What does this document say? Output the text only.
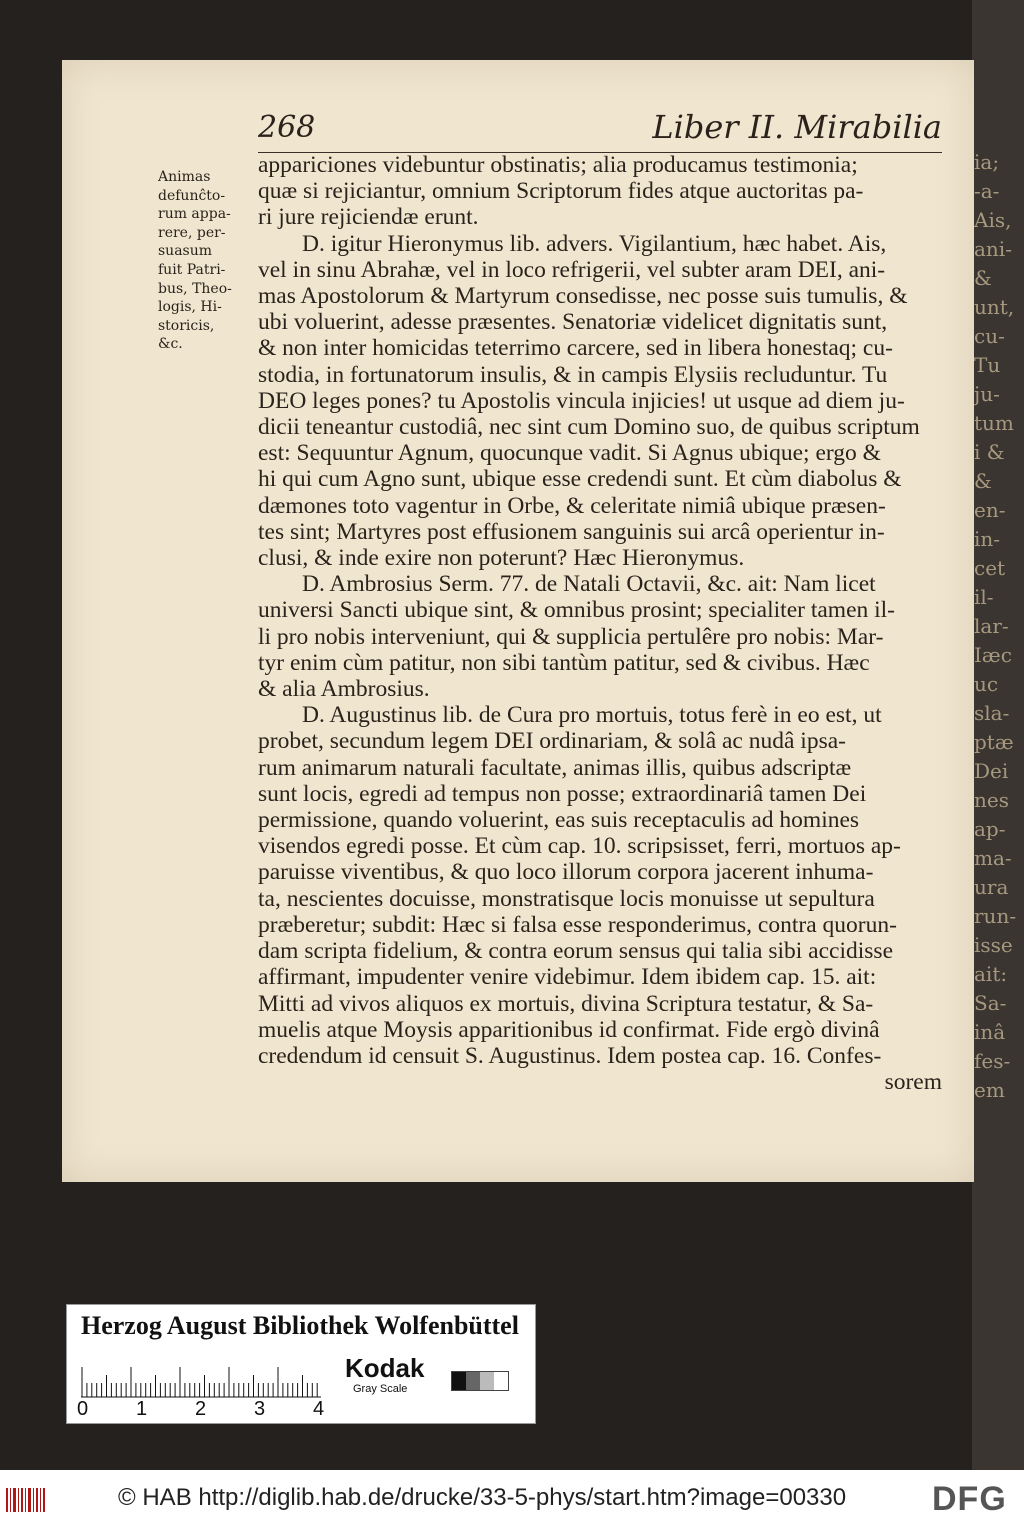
ia;
-a-
Ais,
ani-
&
unt,
cu-
Tu
ju-
tum
i &
&
en-
in-
cet
il-
lar-
Iæc
uc
sla-
ptæ
Dei
nes
ap-
ma-
ura
run-
isse
ait:
Sa-
inâ
fes-
em
268	Liber II. Mirabilia
Animas
defunĉto-
rum appa-
rere, per-
suasum
fuit Patri-
bus, Theo-
logis, Hi-
storicis,
&c.
appariciones videbuntur obstinatis; alia producamus testimonia;
quæ si rejiciantur, omnium Scriptorum fides atque auctoritas pa-
ri jure rejiciendæ erunt.
D. igitur Hieronymus lib. advers. Vigilantium, hæc habet. Ais,
vel in sinu Abrahæ, vel in loco refrigerii, vel subter aram DEI, ani-
mas Apostolorum & Martyrum consedisse, nec posse suis tumulis, &
ubi voluerint, adesse præsentes. Senatoriæ videlicet dignitatis sunt,
& non inter homicidas teterrimo carcere, sed in libera honestaq; cu-
stodia, in fortunatorum insulis, & in campis Elysiis recluduntur. Tu
DEO leges pones? tu Apostolis vincula injicies! ut usque ad diem ju-
dicii teneantur custodiâ, nec sint cum Domino suo, de quibus scriptum
est: Sequuntur Agnum, quocunque vadit. Si Agnus ubique; ergo &
hi qui cum Agno sunt, ubique esse credendi sunt. Et cùm diabolus &
dæmones toto vagentur in Orbe, & celeritate nimiâ ubique præsen-
tes sint; Martyres post effusionem sanguinis sui arcâ operientur in-
clusi, & inde exire non poterunt? Hæc Hieronymus.
D. Ambrosius Serm. 77. de Natali Octavii, &c. ait: Nam licet
universi Sancti ubique sint, & omnibus prosint; specialiter tamen il-
li pro nobis interveniunt, qui & supplicia pertulêre pro nobis: Mar-
tyr enim cùm patitur, non sibi tantùm patitur, sed & civibus. Hæc
& alia Ambrosius.
D. Augustinus lib. de Cura pro mortuis, totus ferè in eo est, ut
probet, secundum legem DEI ordinariam, & solâ ac nudâ ipsa-
rum animarum naturali facultate, animas illis, quibus adscriptæ
sunt locis, egredi ad tempus non posse; extraordinariâ tamen Dei
permissione, quando voluerint, eas suis receptaculis ad homines
visendos egredi posse. Et cùm cap. 10. scripsisset, ferri, mortuos ap-
paruisse viventibus, & quo loco illorum corpora jacerent inhuma-
ta, nescientes docuisse, monstratisque locis monuisse ut sepultura
præberetur; subdit: Hæc si falsa esse responderimus, contra quorun-
dam scripta fidelium, & contra eorum sensus qui talia sibi accidisse
affirmant, impudenter venire videbimur. Idem ibidem cap. 15. ait:
Mitti ad vivos aliquos ex mortuis, divina Scriptura testatur, & Sa-
muelis atque Moysis apparitionibus id confirmat. Fide ergò divinâ
credendum id censuit S. Augustinus. Idem postea cap. 16. Confes-
sorem
Herzog August Bibliothek Wolfenbüttel
0 1 2 3 4
Kodak
Gray Scale
© HAB http://diglib.hab.de/drucke/33-5-phys/start.htm?image=00330	DFG
